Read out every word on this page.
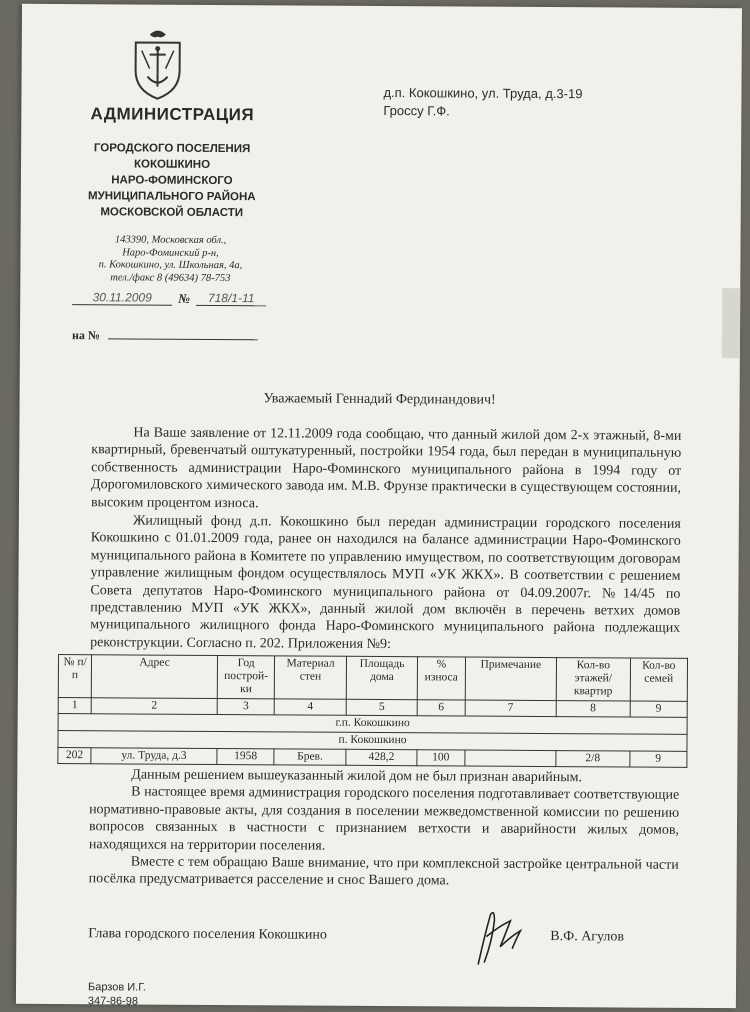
АДМИНИСТРАЦИЯ
ГОРОДСКОГО ПОСЕЛЕНИЯ
КОКОШКИНО
НАРО-ФОМИНСКОГО
МУНИЦИПАЛЬНОГО РАЙОНА
МОСКОВСКОЙ ОБЛАСТИ
143390, Московская обл.,
Наро-Фоминский р-н,
п. Кокошкино, ул. Школьная, 4а,
тел./факс 8 (49634) 78-753
30.11.2009	№	718/1-11
на №
д.п. Кокошкино, ул. Труда, д.3-19
Гроссу Г.Ф.
Уважаемый Геннадий Фердинандович!

На Ваше заявление от 12.11.2009 года сообщаю, что данный жилой дом 2-х этажный, 8-ми квартирный, бревенчатый оштукатуренный, постройки 1954 года, был передан в муниципальную собственность администрации Наро-Фоминского муниципального района в 1994 году от Дорогомиловского химического завода им. М.В. Фрунзе практически в существующем состоянии, высоким процентом износа.

Жилищный фонд д.п. Кокошкино был передан администрации городского поселения Кокошкино с 01.01.2009 года, ранее он находился на балансе администрации Наро-Фоминского муниципального района в Комитете по управлению имуществом, по соответствующим договорам управление жилищным фондом осуществлялось МУП «УК ЖКХ». В соответствии с решением Совета депутатов Наро-Фоминского муниципального района от 04.09.2007г. №14/45 по представлению МУП «УК ЖКХ», данный жилой дом включён в перечень ветхих домов муниципального жилищного фонда Наро-Фоминского муниципального района подлежащих реконструкции. Согласно п. 202. Приложения №9:

№ п/п	Адрес	Год построй-ки	Материал стен	Площадь дома	% износа	Примечание	Кол-во этажей/ квартир	Кол-во семей
1	2	3	4	5	6	7	8	9
г.п. Кокошкино								
п. Кокошкино								
202	ул. Труда, д.3	1958	Брев.	428,2	100		2/8	9

Данным решением вышеуказанный жилой дом не был признан аварийным.

В настоящее время администрация городского поселения подготавливает соответствующие нормативно-правовые акты, для создания в поселении межведомственной комиссии по решению вопросов связанных в частности с признанием ветхости и аварийности жилых домов, находящихся на территории поселения.

Вместе с тем обращаю Ваше внимание, что при комплексной застройке центральной части посёлка предусматривается расселение и снос Вашего дома.

Глава городского поселения Кокошкино	В.Ф. Агулов
Барзов И.Г.
347-86-98
